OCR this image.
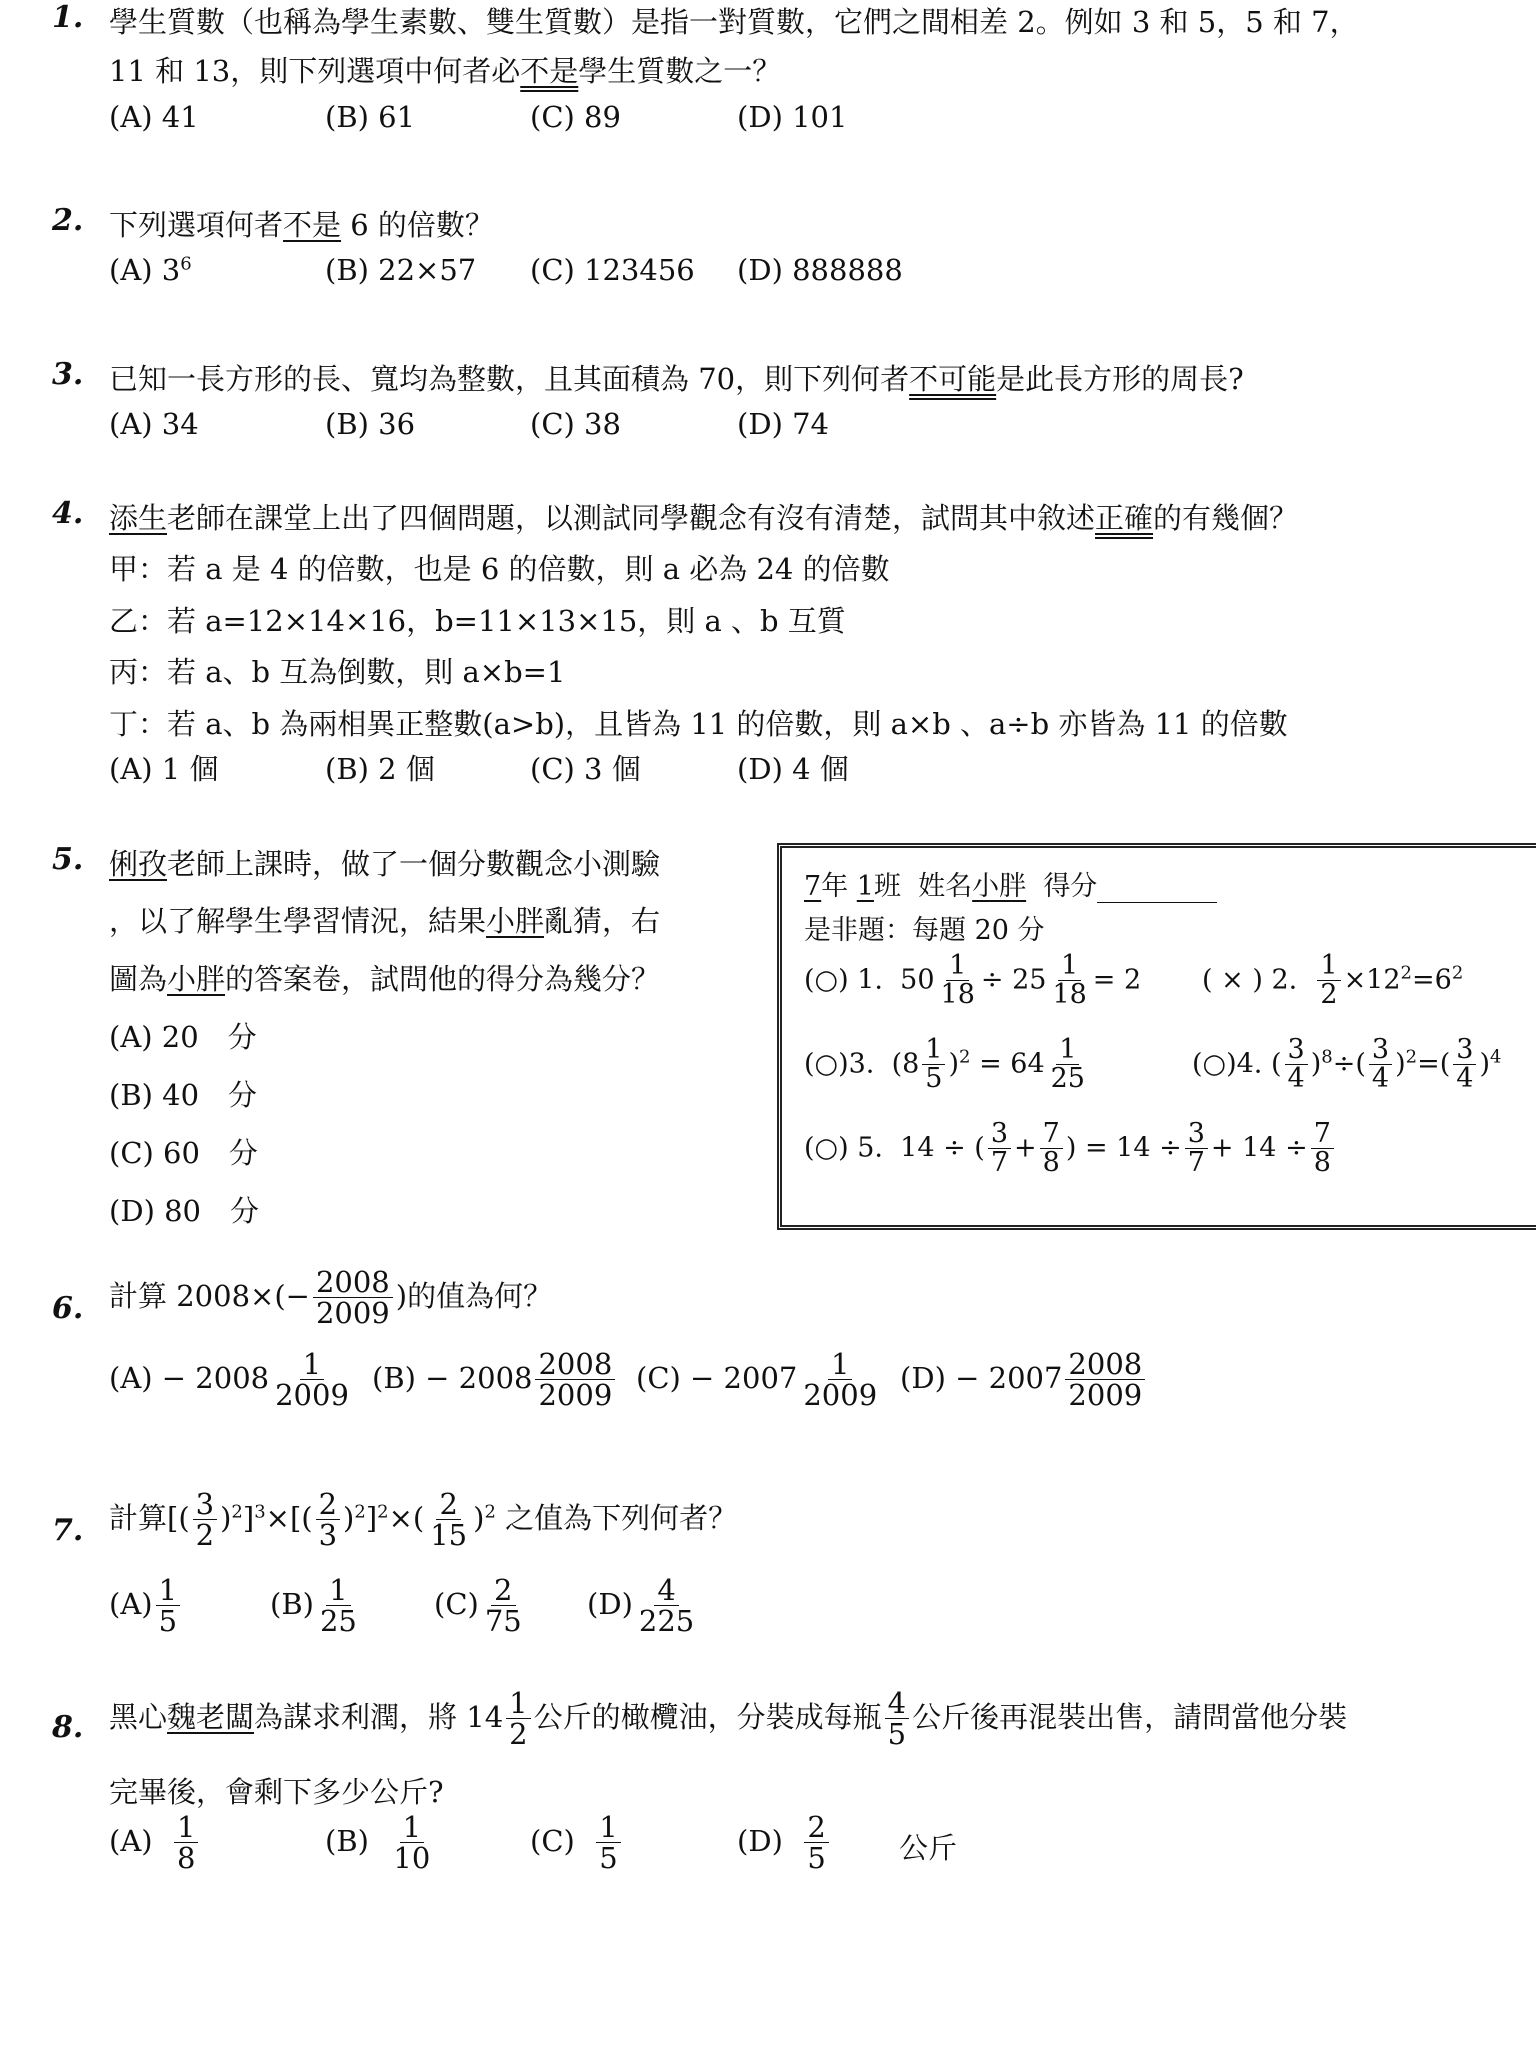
1. 學生質數（也稱為學生素數、雙生質數）是指一對質數，它們之間相差 2。例如 3 和 5，5 和 7，
11 和 13，則下列選項中何者必不是學生質數之一？
(A) 41	(B) 61	(C) 89	(D) 101
2. 下列選項何者不是 6 的倍數？
(A) $3^6$	(B) 22×57 (C) 123456 (D) 888888
3. 已知一長方形的長、寬均為整數，且其面積為 70，則下列何者不可能是此長方形的周長?
(A) 34	(B) 36	(C) 38	(D) 74
4. 添生老師在課堂上出了四個問題，以測試同學觀念有沒有清楚，試問其中敘述正確的有幾個？
甲：若 a 是 4 的倍數，也是 6 的倍數，則 a 必為 24 的倍數
乙：若 a=12×14×16，b=11×13×15，則 a 、b 互質
丙：若 a、b 互為倒數，則 a×b=1
丁：若 a、b 為兩相異正整數(a>b)，且皆為 11 的倍數，則 a×b 、a÷b 亦皆為 11 的倍數
(A) 1 個	(B) 2 個	(C) 3 個	(D) 4 個
5. 俐孜老師上課時，做了一個分數觀念小測驗
，以了解學生學習情況，結果小胖亂猜，右
圖為小胖的答案卷，試問他的得分為幾分？
(A) 20　分
(B) 40　分
(C) 60　分
(D) 80　分
7年 1班 姓名小胖 得分
是非題：每題 20 分
(○) 1. $50 \frac{1}{18} \div 25 \frac{1}{18} = 2$ ( × ) 2. $\frac{1}{2} \times 12^2=6^2$
(○)3. $(8 \frac{1}{5} )^2 = 64 \frac{1}{25}$	(○)4. ( $\frac{3}{4} )^8\div( \frac{3}{4} )^2=( \frac{3}{4} )^4$
(○) 5. 14 ÷ ( $\frac{3}{7} + \frac{7}{8}$ ) = $14 \div \frac{3}{7} + 14 \div \frac{7}{8}$
6. 計算 $2008\times(- \frac{2008}{2009}$ )的值為何？
$(A) - 2008 \frac{1}{2009} (B) - 2008 \frac{2008}{2009} (C) - 2007 \frac{1}{2009} (D) - 2007 \frac{2008}{2009}$
7. 計算[( $\frac{3}{2} )^2]^3\times[( \frac{2}{3} )^2]^2\times( \frac{2}{15} )^2$ 之值為下列何者？
$(A) \frac{1}{5}$	$(B) \frac{1}{25}$	$(C) \frac{2}{75} (D) \frac{4}{225}$
8. 黑心魏老闆為謀求利潤，將 $14 \frac{1}{2}$ 公斤的橄欖油，分裝成每瓶 $\frac{4}{5}$ 公斤後再混裝出售，請問當他分裝
完畢後，會剩下多少公斤?
$(A) \frac{1}{8}$	$(B) \frac{1}{10}$	$(C) \frac{1}{5}$	$(D) \frac{2}{5}$ 公斤
